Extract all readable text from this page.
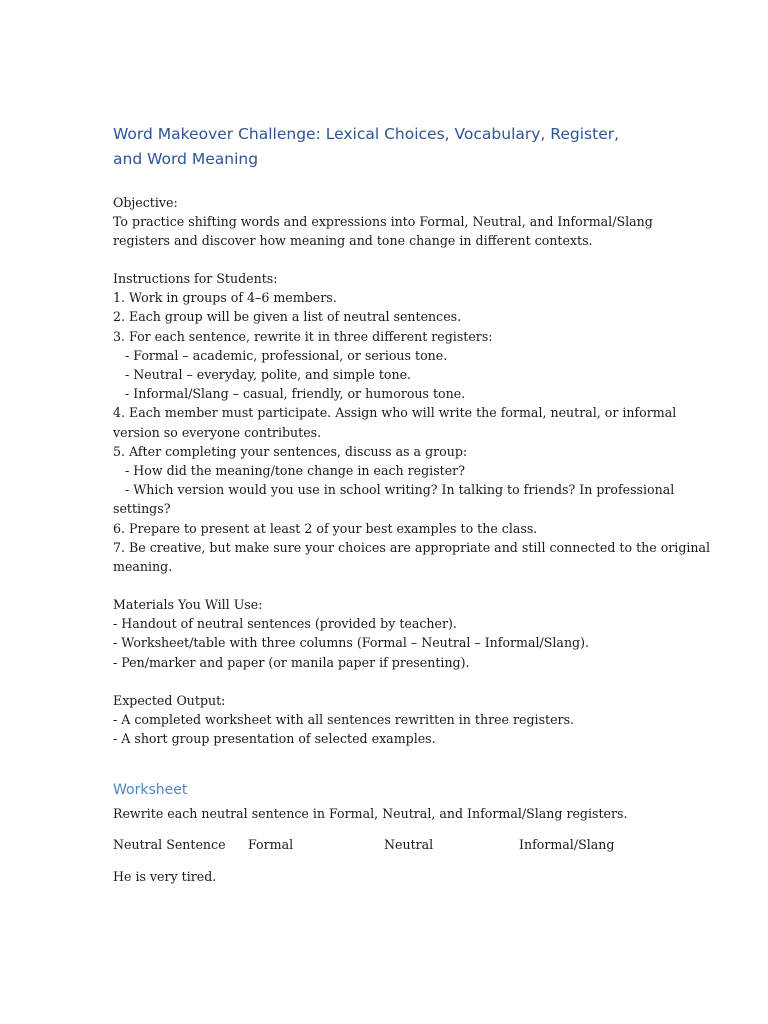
Word Makeover Challenge: Lexical Choices, Vocabulary, Register, and Word Meaning
Objective:
To practice shifting words and expressions into Formal, Neutral, and Informal/Slang
registers and discover how meaning and tone change in different contexts.
Instructions for Students:
1. Work in groups of 4–6 members.
2. Each group will be given a list of neutral sentences.
3. For each sentence, rewrite it in three different registers:
- Formal – academic, professional, or serious tone.
- Neutral – everyday, polite, and simple tone.
- Informal/Slang – casual, friendly, or humorous tone.
4. Each member must participate. Assign who will write the formal, neutral, or informal
version so everyone contributes.
5. After completing your sentences, discuss as a group:
- How did the meaning/tone change in each register?
- Which version would you use in school writing? In talking to friends? In professional
settings?
6. Prepare to present at least 2 of your best examples to the class.
7. Be creative, but make sure your choices are appropriate and still connected to the original
meaning.
Materials You Will Use:
- Handout of neutral sentences (provided by teacher).
- Worksheet/table with three columns (Formal – Neutral – Informal/Slang).
- Pen/marker and paper (or manila paper if presenting).
Expected Output:
- A completed worksheet with all sentences rewritten in three registers.
- A short group presentation of selected examples.
Worksheet
Rewrite each neutral sentence in Formal, Neutral, and Informal/Slang registers.
Neutral Sentence Formal	Neutral	Informal/Slang
He is very tired.
